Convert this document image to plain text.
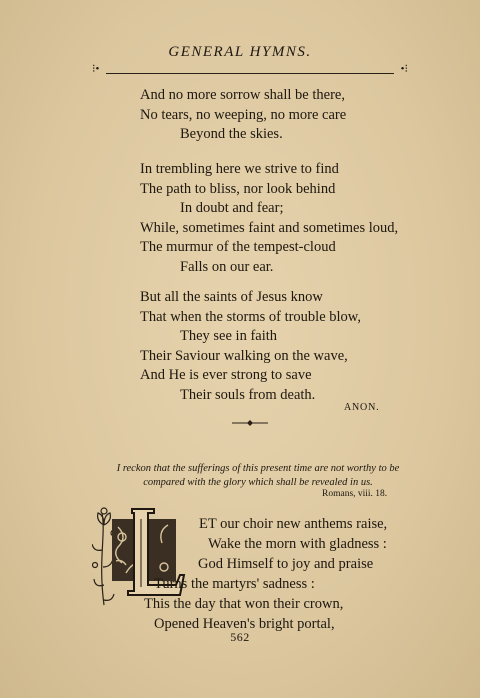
GENERAL HYMNS.
⁝•	•⁝
And no more sorrow shall be there,
No tears, no weeping, no more care
Beyond the skies.
In trembling here we strive to find
The path to bliss, nor look behind
In doubt and fear;
While, sometimes faint and sometimes loud,
The murmur of the tempest-cloud
Falls on our ear.
But all the saints of Jesus know
That when the storms of trouble blow,
They see in faith
Their Saviour walking on the wave,
And He is ever strong to save
Their souls from death.
ANON.
I reckon that the sufferings of this present time are not worthy to be compared with the glory which shall be revealed in us.
Romans, viii. 18.
ET our choir new anthems raise,
Wake the morn with gladness :
God Himself to joy and praise
Turns the martyrs' sadness :
This the day that won their crown,
Opened Heaven's bright portal,
562
